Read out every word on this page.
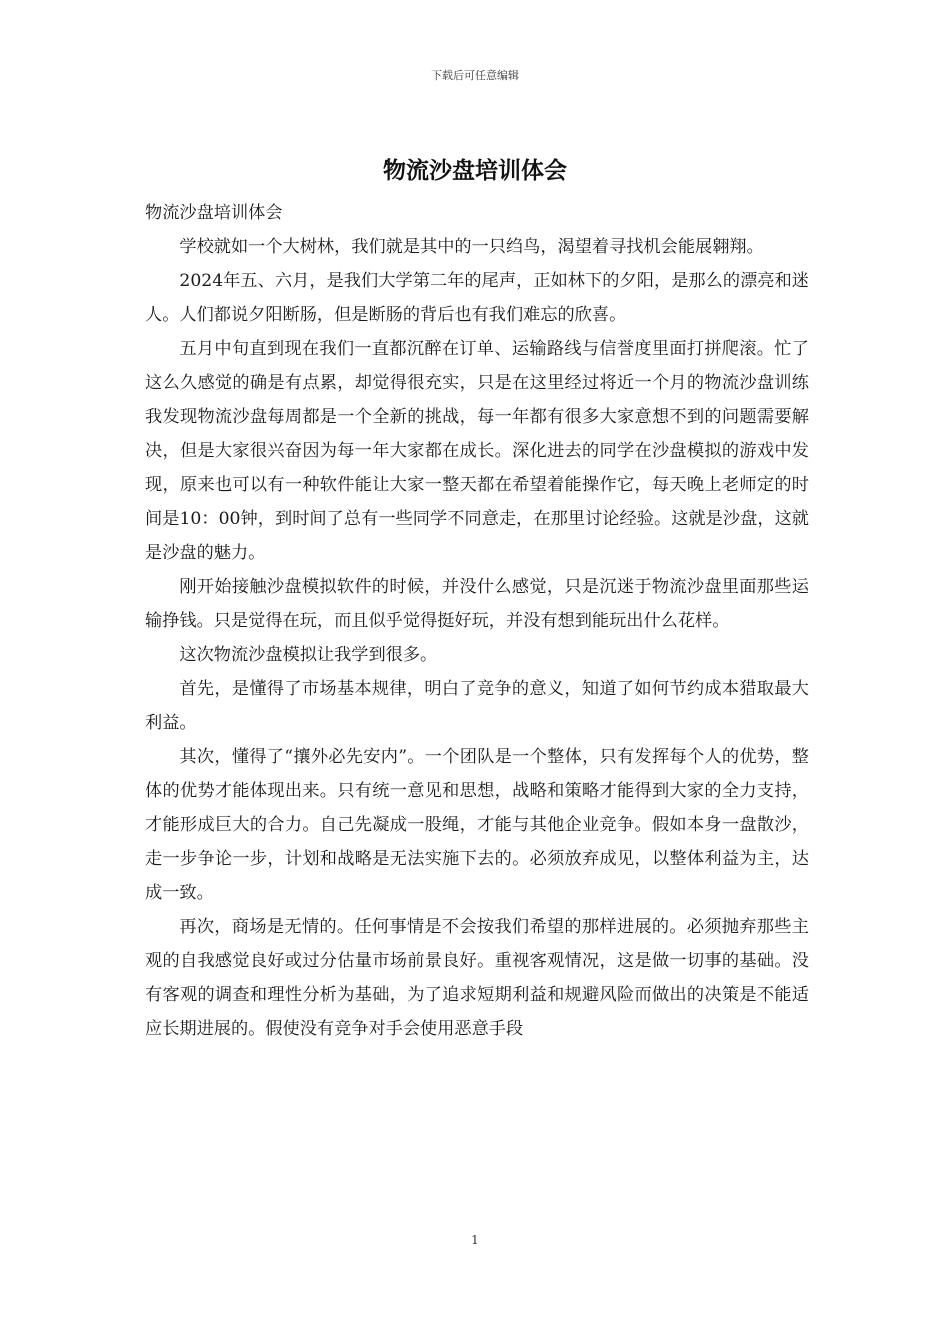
下载后可任意编辑
物流沙盘培训体会

物流沙盘培训体会

学校就如一个大树林，我们就是其中的一只绉鸟，渴望着寻找机会能展翱翔。

2024年五、六月，是我们大学第二年的尾声，正如林下的夕阳，是那么的漂亮和迷人。人们都说夕阳断肠，但是断肠的背后也有我们难忘的欣喜。

五月中旬直到现在我们一直都沉醉在订单、运输路线与信誉度里面打拼爬滚。忙了这么久感觉的确是有点累，却觉得很充实，只是在这里经过将近一个月的物流沙盘训练我发现物流沙盘每周都是一个全新的挑战，每一年都有很多大家意想不到的问题需要解决，但是大家很兴奋因为每一年大家都在成长。深化进去的同学在沙盘模拟的游戏中发现，原来也可以有一种软件能让大家一整天都在希望着能操作它，每天晚上老师定的时间是10：00钟，到时间了总有一些同学不同意走，在那里讨论经验。这就是沙盘，这就是沙盘的魅力。

刚开始接触沙盘模拟软件的时候，并没什么感觉，只是沉迷于物流沙盘里面那些运输挣钱。只是觉得在玩，而且似乎觉得挺好玩，并没有想到能玩出什么花样。

这次物流沙盘模拟让我学到很多。

首先，是懂得了市场基本规律，明白了竞争的意义，知道了如何节约成本猎取最大利益。

其次，懂得了“攘外必先安内”。一个团队是一个整体，只有发挥每个人的优势，整体的优势才能体现出来。只有统一意见和思想，战略和策略才能得到大家的全力支持，才能形成巨大的合力。自己先凝成一股绳，才能与其他企业竞争。假如本身一盘散沙，走一步争论一步，计划和战略是无法实施下去的。必须放弃成见，以整体利益为主，达成一致。

再次，商场是无情的。任何事情是不会按我们希望的那样进展的。必须抛弃那些主观的自我感觉良好或过分估量市场前景良好。重视客观情况，这是做一切事的基础。没有客观的调查和理性分析为基础，为了追求短期利益和规避风险而做出的决策是不能适应长期进展的。假使没有竞争对手会使用恶意手段

1
